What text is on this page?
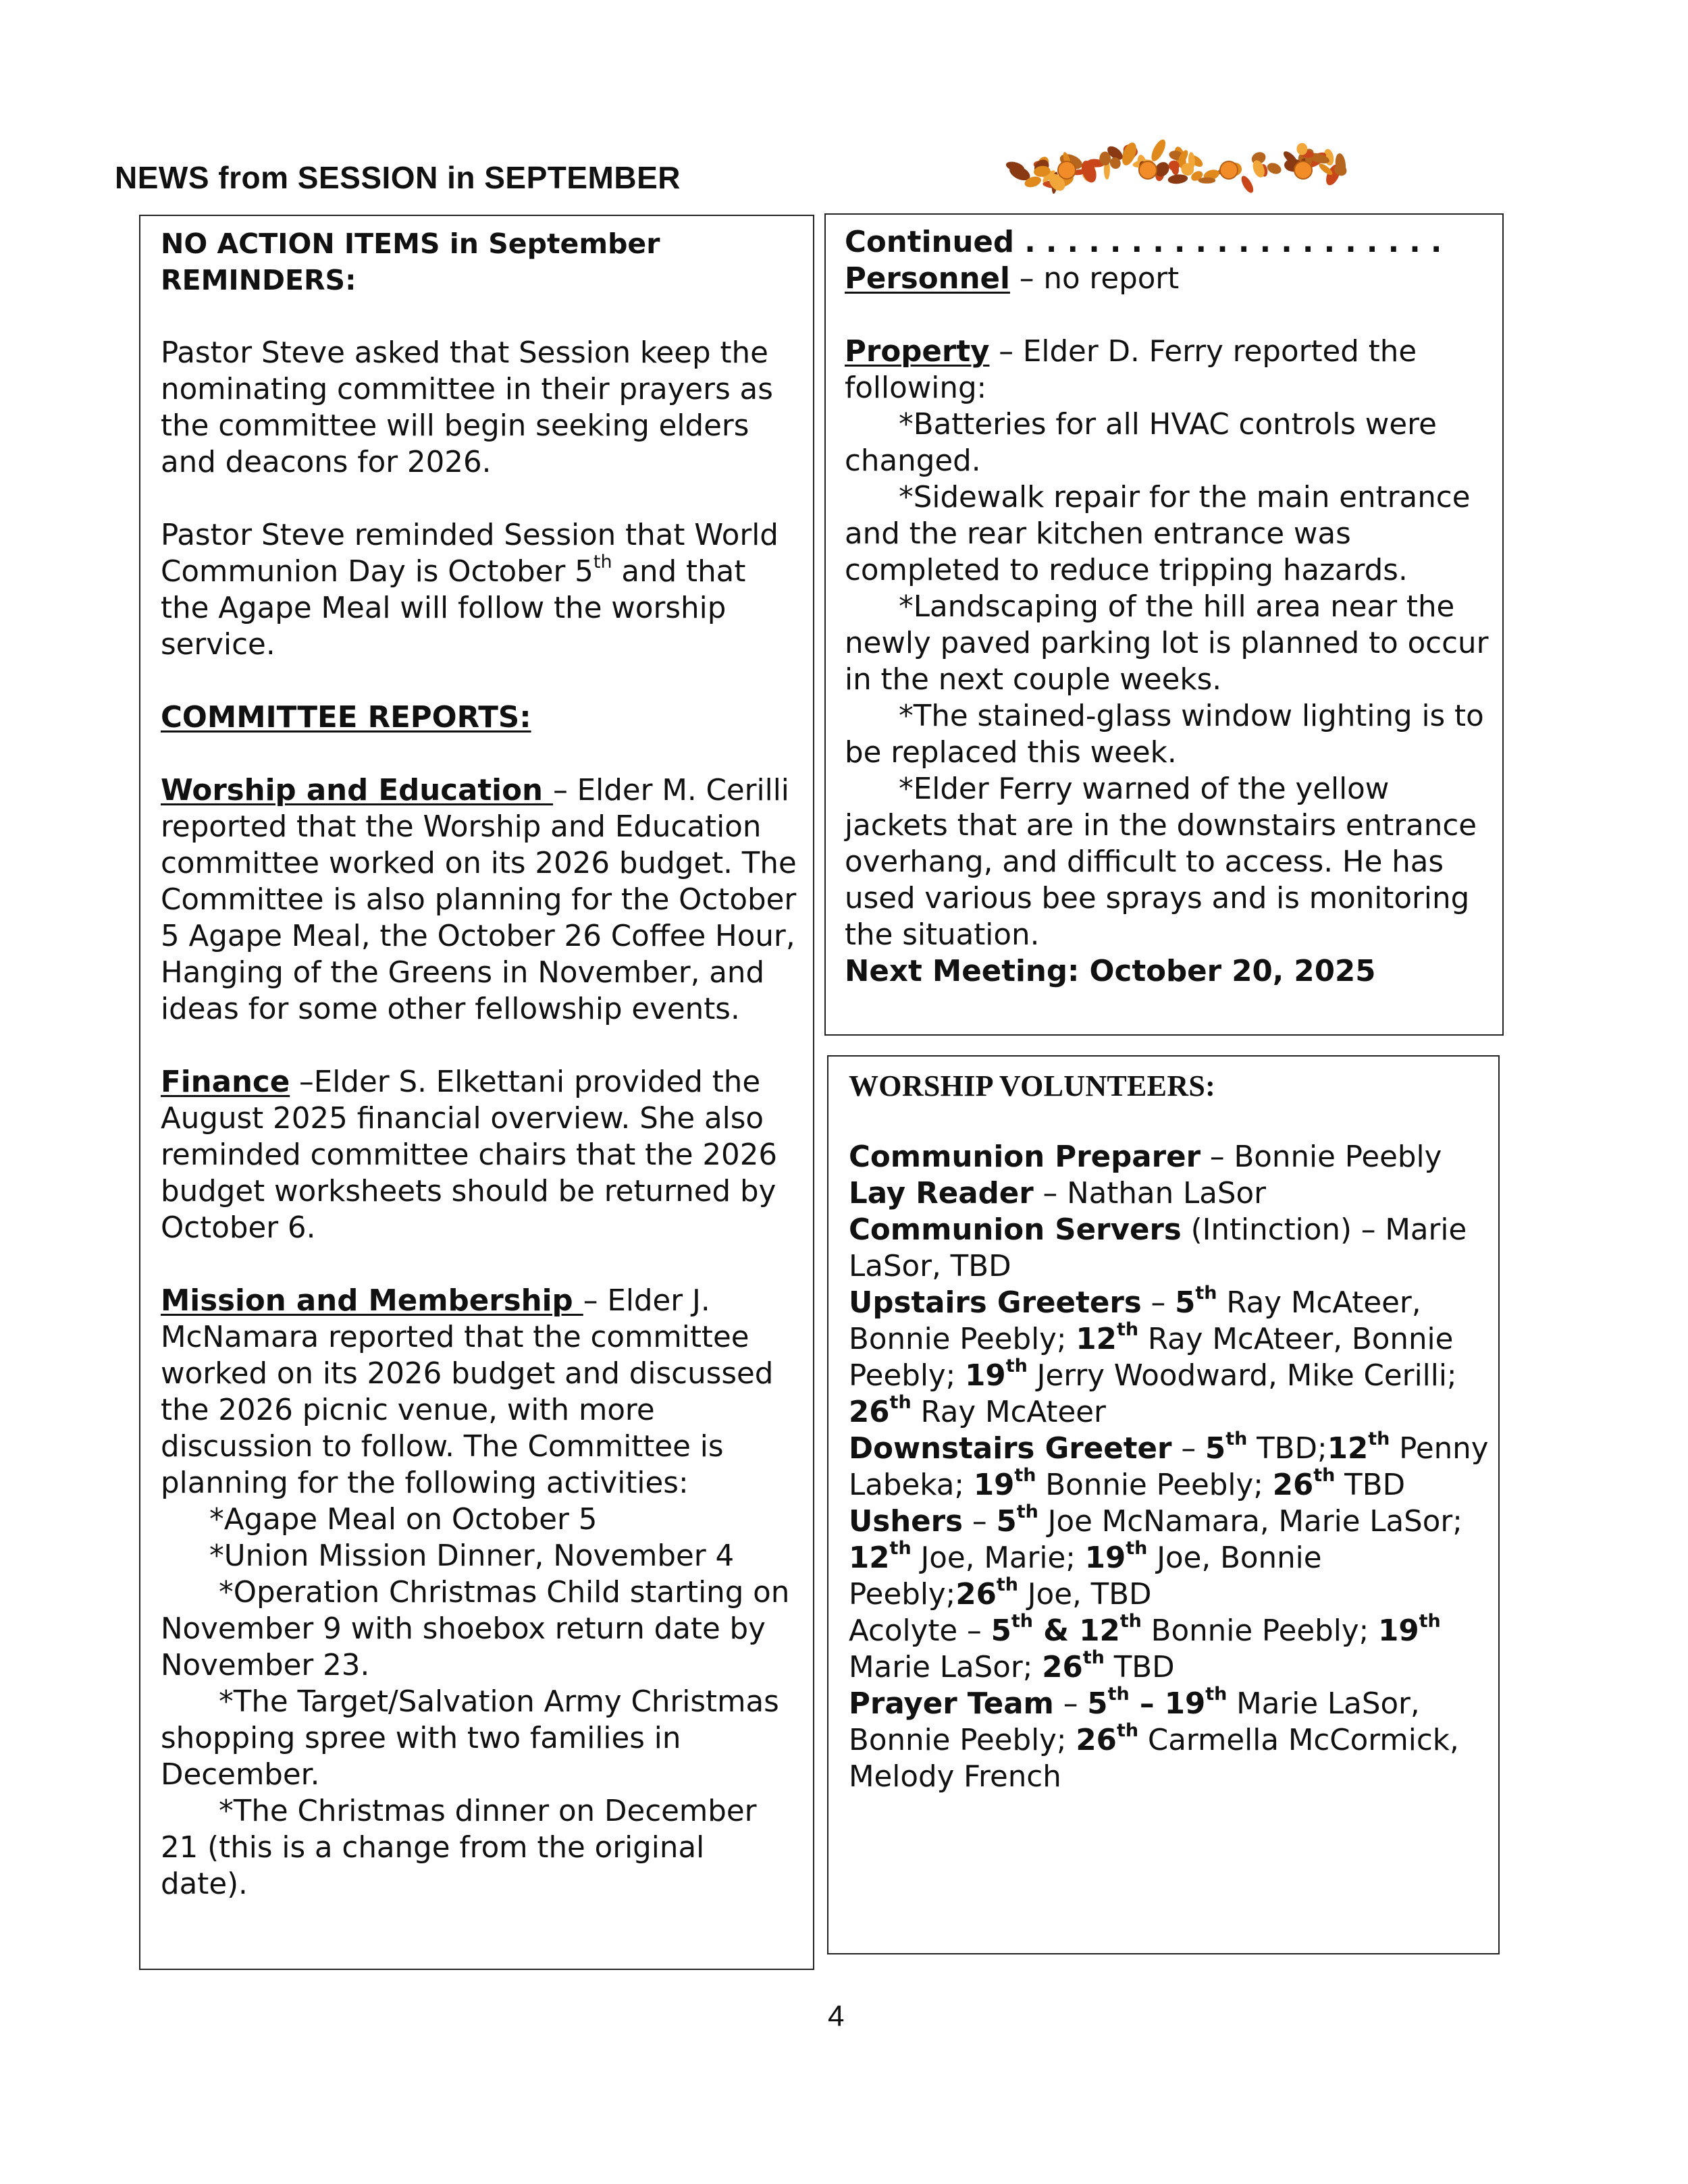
NEWS from SESSION in SEPTEMBER

NO ACTION ITEMS in September

REMINDERS:

Pastor Steve asked that Session keep the nominating committee in their prayers as the committee will begin seeking elders and deacons for 2026.

Pastor Steve reminded Session that World Communion Day is October 5th and that the Agape Meal will follow the worship service.

COMMITTEE REPORTS:

Worship and Education – Elder M. Cerilli reported that the Worship and Education committee worked on its 2026 budget. The Committee is also planning for the October 5 Agape Meal, the October 26 Coffee Hour, Hanging of the Greens in November, and ideas for some other fellowship events.

Finance –Elder S. Elkettani provided the August 2025 financial overview. She also reminded committee chairs that the 2026 budget worksheets should be returned by October 6.

Mission and Membership – Elder J. McNamara reported that the committee worked on its 2026 budget and discussed the 2026 picnic venue, with more discussion to follow. The Committee is planning for the following activities:

*Agape Meal on October 5

*Union Mission Dinner, November 4

*Operation Christmas Child starting on November 9 with shoebox return date by November 23.

*The Target/Salvation Army Christmas shopping spree with two families in December.

*The Christmas dinner on December 21 (this is a change from the original date).

Continued . . . . . . . . . . . . . . . . . . . .

Personnel – no report

Property – Elder D. Ferry reported the following:

*Batteries for all HVAC controls were changed.

*Sidewalk repair for the main entrance and the rear kitchen entrance was completed to reduce tripping hazards.

*Landscaping of the hill area near the newly paved parking lot is planned to occur in the next couple weeks.

*The stained-glass window lighting is to be replaced this week.

*Elder Ferry warned of the yellow jackets that are in the downstairs entrance overhang, and difficult to access. He has used various bee sprays and is monitoring the situation.

Next Meeting: October 20, 2025

WORSHIP VOLUNTEERS:

Communion Preparer – Bonnie Peebly

Lay Reader – Nathan LaSor

Communion Servers (Intinction) – Marie LaSor, TBD

Upstairs Greeters – 5th Ray McAteer, Bonnie Peebly; 12th Ray McAteer, Bonnie Peebly; 19th Jerry Woodward, Mike Cerilli; 26th Ray McAteer

Downstairs Greeter – 5th TBD;12th Penny Labeka; 19th Bonnie Peebly; 26th TBD

Ushers – 5th Joe McNamara, Marie LaSor; 12th Joe, Marie; 19th Joe, Bonnie Peebly;26th Joe, TBD

Acolyte – 5th & 12th Bonnie Peebly; 19th Marie LaSor; 26th TBD

Prayer Team – 5th – 19th Marie LaSor, Bonnie Peebly; 26th Carmella McCormick, Melody French

4
